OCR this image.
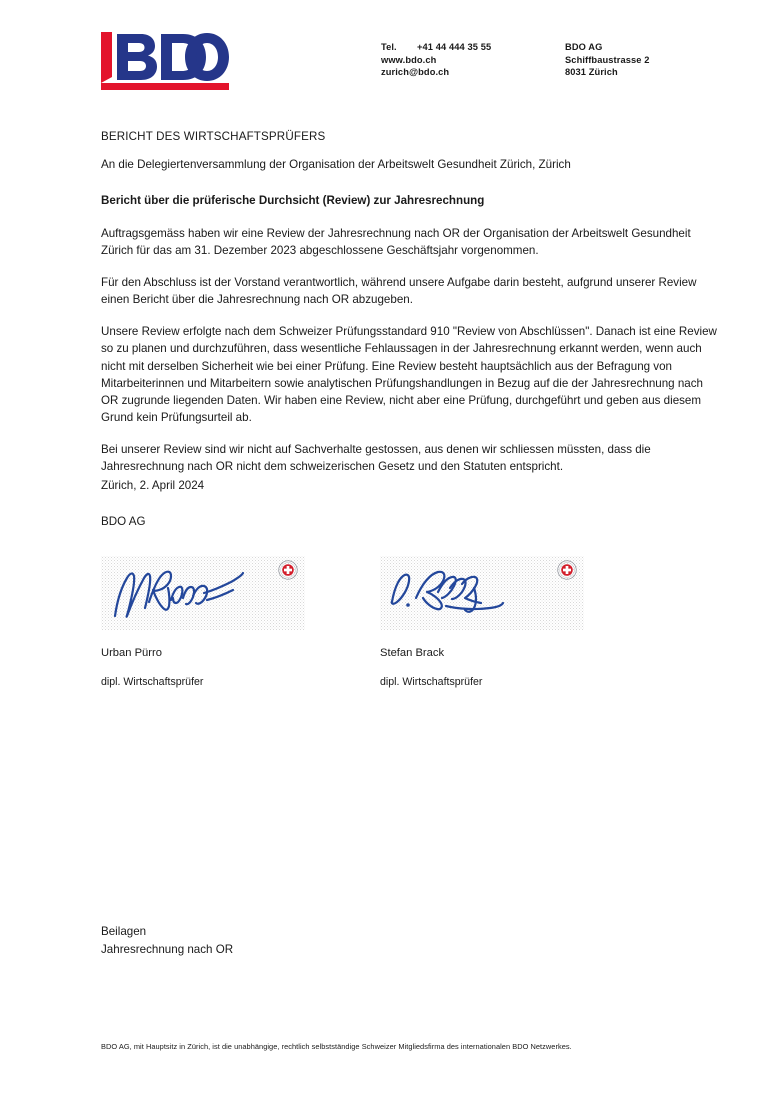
Tel.	+41 44 444 35 55
www.bdo.ch
zurich@bdo.ch
BDO AG
Schiffbaustrasse 2
8031 Zürich
BERICHT DES WIRTSCHAFTSPRÜFERS
An die Delegiertenversammlung der Organisation der Arbeitswelt Gesundheit Zürich, Zürich
Bericht über die prüferische Durchsicht (Review) zur Jahresrechnung

Auftragsgemäss haben wir eine Review der Jahresrechnung nach OR der Organisation der Arbeitswelt Gesundheit Zürich für das am 31. Dezember 2023 abgeschlossene Geschäftsjahr vorgenommen.

Für den Abschluss ist der Vorstand verantwortlich, während unsere Aufgabe darin besteht, aufgrund unserer Review einen Bericht über die Jahresrechnung nach OR abzugeben.

Unsere Review erfolgte nach dem Schweizer Prüfungsstandard 910 "Review von Abschlüssen". Danach ist eine Review so zu planen und durchzuführen, dass wesentliche Fehlaussagen in der Jahresrechnung erkannt werden, wenn auch nicht mit derselben Sicherheit wie bei einer Prüfung. Eine Review besteht hauptsächlich aus der Befragung von Mitarbeiterinnen und Mitarbeitern sowie analytischen Prüfungshandlungen in Bezug auf die der Jahresrechnung nach OR zugrunde liegenden Daten. Wir haben eine Review, nicht aber eine Prüfung, durchgeführt und geben aus diesem Grund kein Prüfungsurteil ab.

Bei unserer Review sind wir nicht auf Sachverhalte gestossen, aus denen wir schliessen müssten, dass die Jahresrechnung nach OR nicht dem schweizerischen Gesetz und den Statuten entspricht.

Zürich, 2. April 2024
BDO AG
Urban Pürro
dipl. Wirtschaftsprüfer
Stefan Brack
dipl. Wirtschaftsprüfer
Beilagen
Jahresrechnung nach OR
BDO AG, mit Hauptsitz in Zürich, ist die unabhängige, rechtlich selbstständige Schweizer Mitgliedsfirma des internationalen BDO Netzwerkes.
